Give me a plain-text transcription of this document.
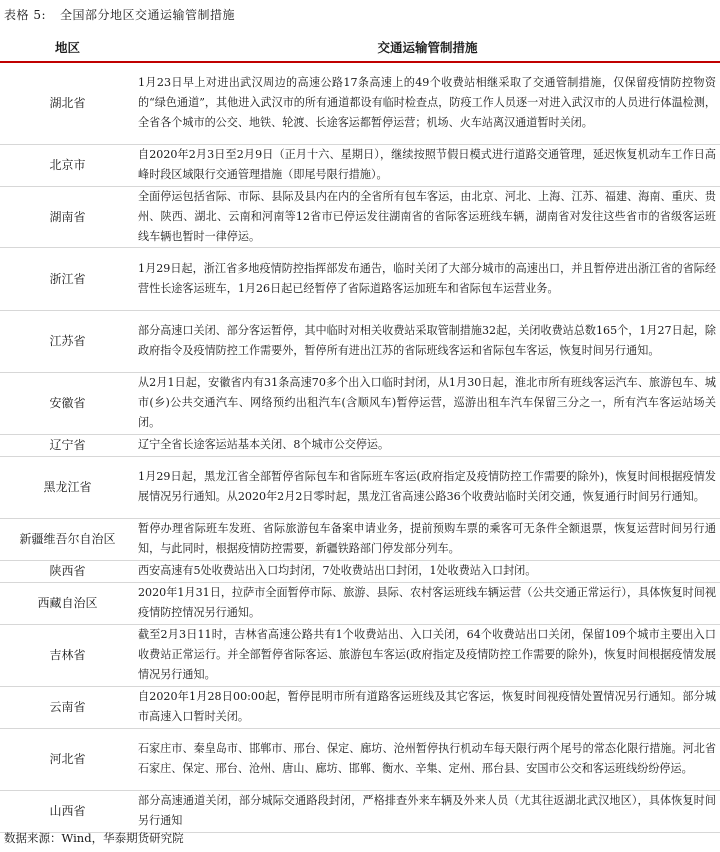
表格 5: 全国部分地区交通运输管制措施
地区	交通运输管制措施
湖北省	1月23日早上对进出武汉周边的高速公路17条高速上的49个收费站相继采取了交通管制措施，仅保留疫情防控物资的“绿色通道”，其他进入武汉市的所有通道都设有临时检查点，防疫工作人员逐一对进入武汉市的人员进行体温检测，全省各个城市的公交、地铁、轮渡、长途客运都暂停运营；机场、火车站离汉通道暂时关闭。
北京市	自2020年2月3日至2月9日（正月十六、星期日），继续按照节假日模式进行道路交通管理，延迟恢复机动车工作日高峰时段区域限行交通管理措施（即尾号限行措施）。
湖南省	全面停运包括省际、市际、县际及县内在内的全省所有包车客运，由北京、河北、上海、江苏、福建、海南、重庆、贵州、陕西、湖北、云南和河南等12省市已停运发往湖南省的省际客运班线车辆，湖南省对发往这些省市的省级客运班线车辆也暂时一律停运。
浙江省	1月29日起，浙江省多地疫情防控指挥部发布通告，临时关闭了大部分城市的高速出口，并且暂停进出浙江省的省际经营性长途客运班车，1月26日起已经暂停了省际道路客运加班车和省际包车运营业务。
江苏省	部分高速口关闭、部分客运暂停，其中临时对相关收费站采取管制措施32起，关闭收费站总数165个，1月27日起，除政府指令及疫情防控工作需要外，暂停所有进出江苏的省际班线客运和省际包车客运，恢复时间另行通知。
安徽省	从2月1日起，安徽省内有31条高速70多个出入口临时封闭，从1月30日起，淮北市所有班线客运汽车、旅游包车、城市(乡)公共交通汽车、网络预约出租汽车(含顺风车)暂停运营，巡游出租车汽车保留三分之一，所有汽车客运站场关闭。
辽宁省	辽宁全省长途客运站基本关闭、8个城市公交停运。
黑龙江省	1月29日起，黑龙江省全部暂停省际包车和省际班车客运(政府指定及疫情防控工作需要的除外)，恢复时间根据疫情发展情况另行通知。从2020年2月2日零时起，黑龙江省高速公路36个收费站临时关闭交通，恢复通行时间另行通知。
新疆维吾尔自治区	暂停办理省际班车发班、省际旅游包车备案申请业务，提前预购车票的乘客可无条件全额退票，恢复运营时间另行通知，与此同时，根据疫情防控需要，新疆铁路部门停发部分列车。
陕西省	西安高速有5处收费站出入口均封闭，7处收费站出口封闭，1处收费站入口封闭。
西藏自治区	2020年1月31日，拉萨市全面暂停市际、旅游、县际、农村客运班线车辆运营（公共交通正常运行），具体恢复时间视疫情防控情况另行通知。
吉林省	截至2月3日11时，吉林省高速公路共有1个收费站出、入口关闭，64个收费站出口关闭，保留109个城市主要出入口收费站正常运行。并全部暂停省际客运、旅游包车客运(政府指定及疫情防控工作需要的除外)，恢复时间根据疫情发展情况另行通知。
云南省	自2020年1月28日00:00起，暂停昆明市所有道路客运班线及其它客运，恢复时间视疫情处置情况另行通知。部分城市高速入口暂时关闭。
河北省	石家庄市、秦皇岛市、邯郸市、邢台、保定、廊坊、沧州暂停执行机动车每天限行两个尾号的常态化限行措施。河北省石家庄、保定、邢台、沧州、唐山、廊坊、邯郸、衡水、辛集、定州、邢台县、安国市公交和客运班线纷纷停运。
山西省	部分高速通道关闭，部分城际交通路段封闭，严格排查外来车辆及外来人员（尤其往返湖北武汉地区），具体恢复时间另行通知
数据来源：Wind，华泰期货研究院
